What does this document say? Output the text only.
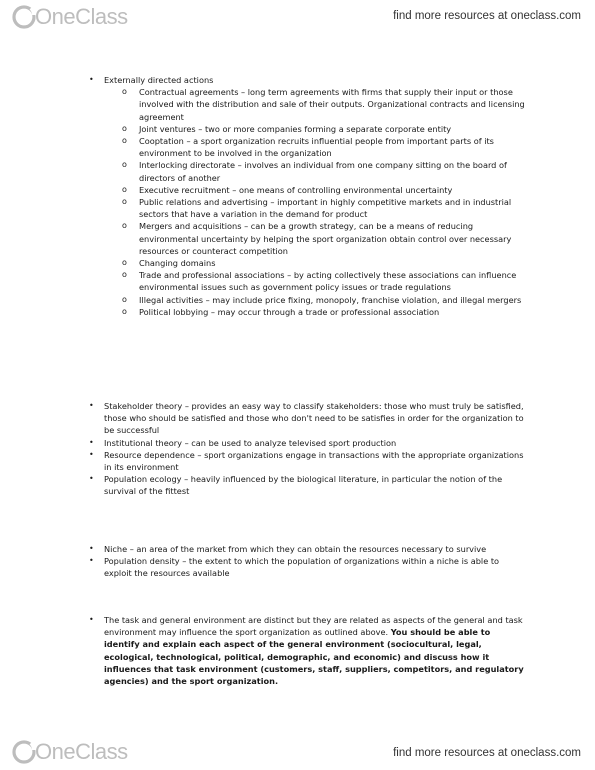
OneClass	find more resources at oneclass.com
• Externally directed actions
o Contractual agreements – long term agreements with firms that supply their input or those involved with the distribution and sale of their outputs. Organizational contracts and licensing agreement
o Joint ventures – two or more companies forming a separate corporate entity
o Cooptation – a sport organization recruits influential people from important parts of its environment to be involved in the organization
o Interlocking directorate – involves an individual from one company sitting on the board of directors of another
o Executive recruitment – one means of controlling environmental uncertainty
o Public relations and advertising – important in highly competitive markets and in industrial sectors that have a variation in the demand for product
o Mergers and acquisitions – can be a growth strategy, can be a means of reducing environmental uncertainty by helping the sport organization obtain control over necessary resources or counteract competition
o Changing domains
o Trade and professional associations – by acting collectively these associations can influence environmental issues such as government policy issues or trade regulations
o Illegal activities – may include price fixing, monopoly, franchise violation, and illegal mergers
o Political lobbying – may occur through a trade or professional association
• Stakeholder theory – provides an easy way to classify stakeholders: those who must truly be satisfied, those who should be satisfied and those who don't need to be satisfies in order for the organization to be successful
• Institutional theory – can be used to analyze televised sport production
• Resource dependence – sport organizations engage in transactions with the appropriate organizations in its environment
• Population ecology – heavily influenced by the biological literature, in particular the notion of the survival of the fittest
• Niche – an area of the market from which they can obtain the resources necessary to survive
• Population density – the extent to which the population of organizations within a niche is able to exploit the resources available
• The task and general environment are distinct but they are related as aspects of the general and task environment may influence the sport organization as outlined above. You should be able to identify and explain each aspect of the general environment (sociocultural, legal, ecological, technological, political, demographic, and economic) and discuss how it influences that task environment (customers, staff, suppliers, competitors, and regulatory agencies) and the sport organization.
OneClass	find more resources at oneclass.com
